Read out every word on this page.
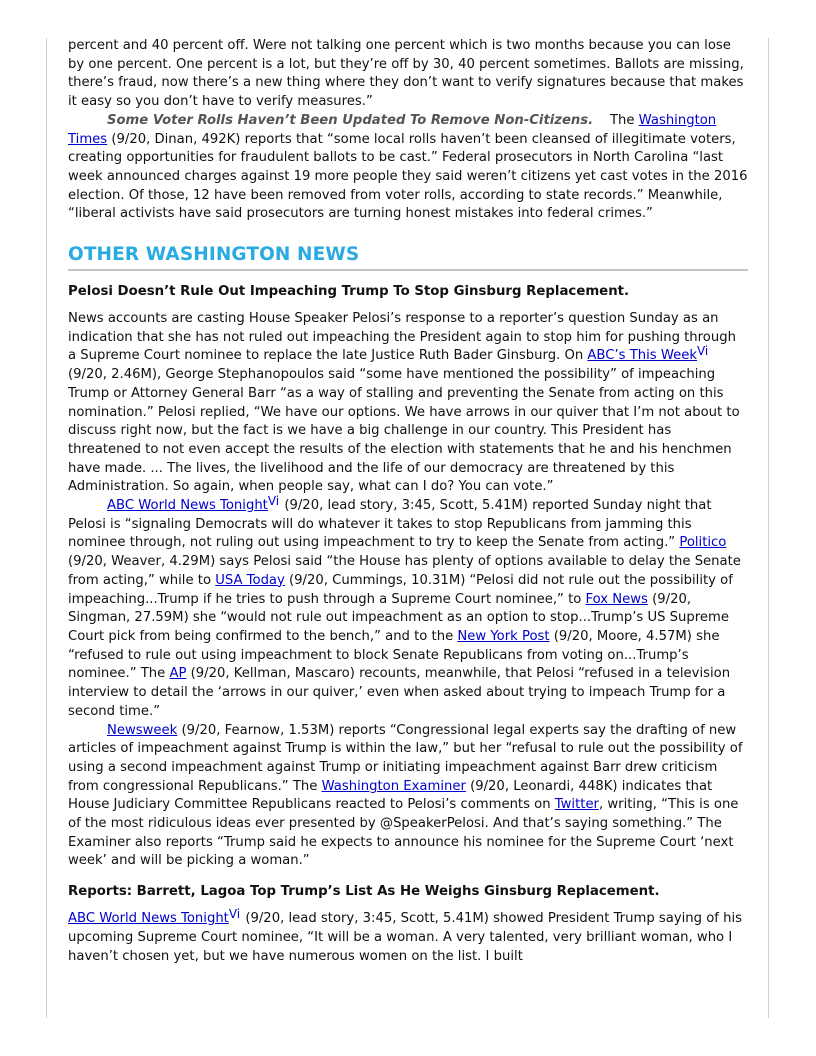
percent and 40 percent off. Were not talking one percent which is two months because you can lose by one percent. One percent is a lot, but they’re off by 30, 40 percent sometimes. Ballots are missing, there’s fraud, now there’s a new thing where they don’t want to verify signatures because that makes it easy so you don’t have to verify measures.”

Some Voter Rolls Haven’t Been Updated To Remove Non-Citizens. The Washington Times (9/20, Dinan, 492K) reports that “some local rolls haven’t been cleansed of illegitimate voters, creating opportunities for fraudulent ballots to be cast.” Federal prosecutors in North Carolina “last week announced charges against 19 more people they said weren’t citizens yet cast votes in the 2016 election. Of those, 12 have been removed from voter rolls, according to state records.” Meanwhile, “liberal activists have said prosecutors are turning honest mistakes into federal crimes.”

OTHER WASHINGTON NEWS
Pelosi Doesn’t Rule Out Impeaching Trump To Stop Ginsburg Replacement.

News accounts are casting House Speaker Pelosi’s response to a reporter’s question Sunday as an indication that she has not ruled out impeaching the President again to stop him for pushing through a Supreme Court nominee to replace the late Justice Ruth Bader Ginsburg. On ABC’s This Week$^{Vi}$ (9/20, 2.46M), George Stephanopoulos said “some have mentioned the possibility” of impeaching Trump or Attorney General Barr “as a way of stalling and preventing the Senate from acting on this nomination.” Pelosi replied, “We have our options. We have arrows in our quiver that I’m not about to discuss right now, but the fact is we have a big challenge in our country. This President has threatened to not even accept the results of the election with statements that he and his henchmen have made. ... The lives, the livelihood and the life of our democracy are threatened by this Administration. So again, when people say, what can I do? You can vote.”

ABC World News Tonight$^{Vi}$ (9/20, lead story, 3:45, Scott, 5.41M) reported Sunday night that Pelosi is “signaling Democrats will do whatever it takes to stop Republicans from jamming this nominee through, not ruling out using impeachment to try to keep the Senate from acting.” Politico (9/20, Weaver, 4.29M) says Pelosi said “the House has plenty of options available to delay the Senate from acting,” while to USA Today (9/20, Cummings, 10.31M) “Pelosi did not rule out the possibility of impeaching...Trump if he tries to push through a Supreme Court nominee,” to Fox News (9/20, Singman, 27.59M) she “would not rule out impeachment as an option to stop...Trump’s US Supreme Court pick from being confirmed to the bench,” and to the New York Post (9/20, Moore, 4.57M) she “refused to rule out using impeachment to block Senate Republicans from voting on...Trump’s nominee.” The AP (9/20, Kellman, Mascaro) recounts, meanwhile, that Pelosi “refused in a television interview to detail the ‘arrows in our quiver,’ even when asked about trying to impeach Trump for a second time.”

Newsweek (9/20, Fearnow, 1.53M) reports “Congressional legal experts say the drafting of new articles of impeachment against Trump is within the law,” but her “refusal to rule out the possibility of using a second impeachment against Trump or initiating impeachment against Barr drew criticism from congressional Republicans.” The Washington Examiner (9/20, Leonardi, 448K) indicates that House Judiciary Committee Republicans reacted to Pelosi’s comments on Twitter, writing, “This is one of the most ridiculous ideas ever presented by @SpeakerPelosi. And that’s saying something.” The Examiner also reports “Trump said he expects to announce his nominee for the Supreme Court ‘next week’ and will be picking a woman.”

Reports: Barrett, Lagoa Top Trump’s List As He Weighs Ginsburg Replacement.

ABC World News Tonight$^{Vi}$ (9/20, lead story, 3:45, Scott, 5.41M) showed President Trump saying of his upcoming Supreme Court nominee, “It will be a woman. A very talented, very brilliant woman, who I haven’t chosen yet, but we have numerous women on the list. I built
